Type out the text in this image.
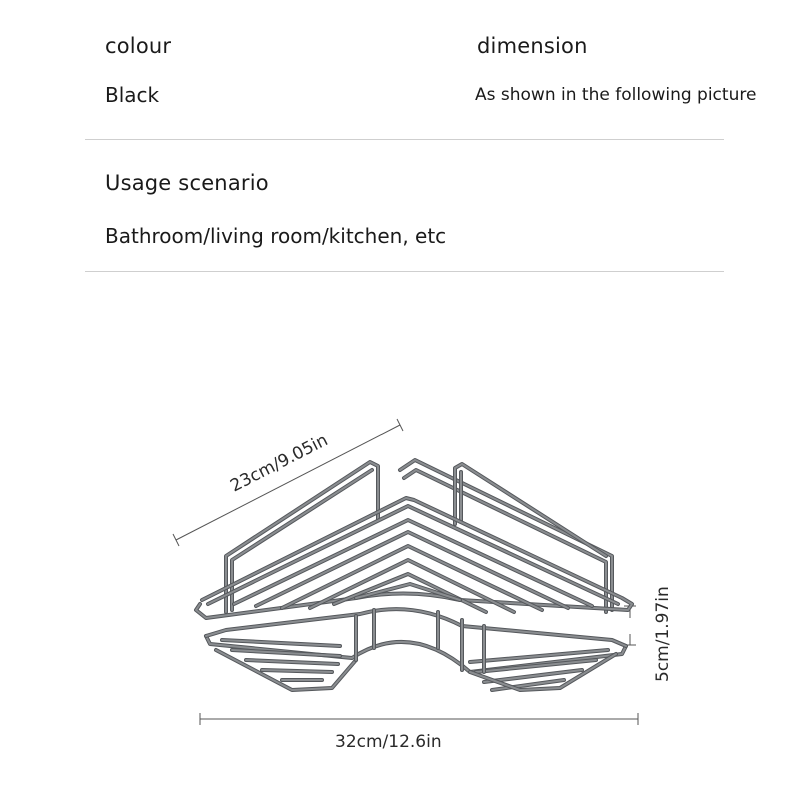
colour
Black
dimension
As shown in the following picture
Usage scenario
Bathroom/living room/kitchen, etc
23cm/9.05in
32cm/12.6in
5cm/1.97in
